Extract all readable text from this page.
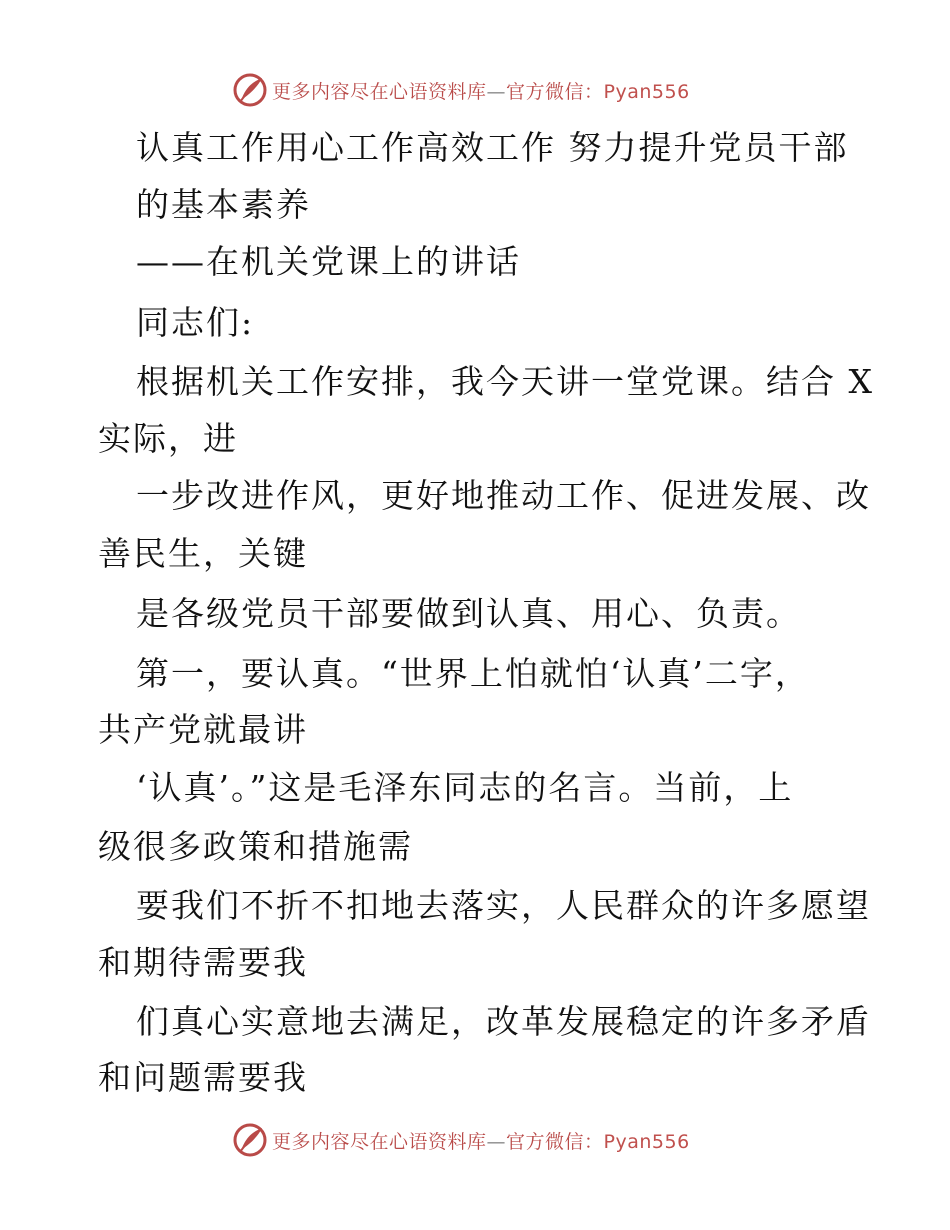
更多内容尽在心语资料库—官方微信：Pyan556
认真工作用心工作高效工作 努力提升党员干部
的基本素养
——在机关党课上的讲话
同志们:
根据机关工作安排，我今天讲一堂党课。结合 X
实际，进
一步改进作风，更好地推动工作、促进发展、改
善民生，关键
是各级党员干部要做到认真、用心、负责。
第一，要认真。“世界上怕就怕‘认真’二字，
共产党就最讲
‘认真’。”这是毛泽东同志的名言。当前，上
级很多政策和措施需
要我们不折不扣地去落实，人民群众的许多愿望
和期待需要我
们真心实意地去满足，改革发展稳定的许多矛盾
和问题需要我
更多内容尽在心语资料库—官方微信：Pyan556
